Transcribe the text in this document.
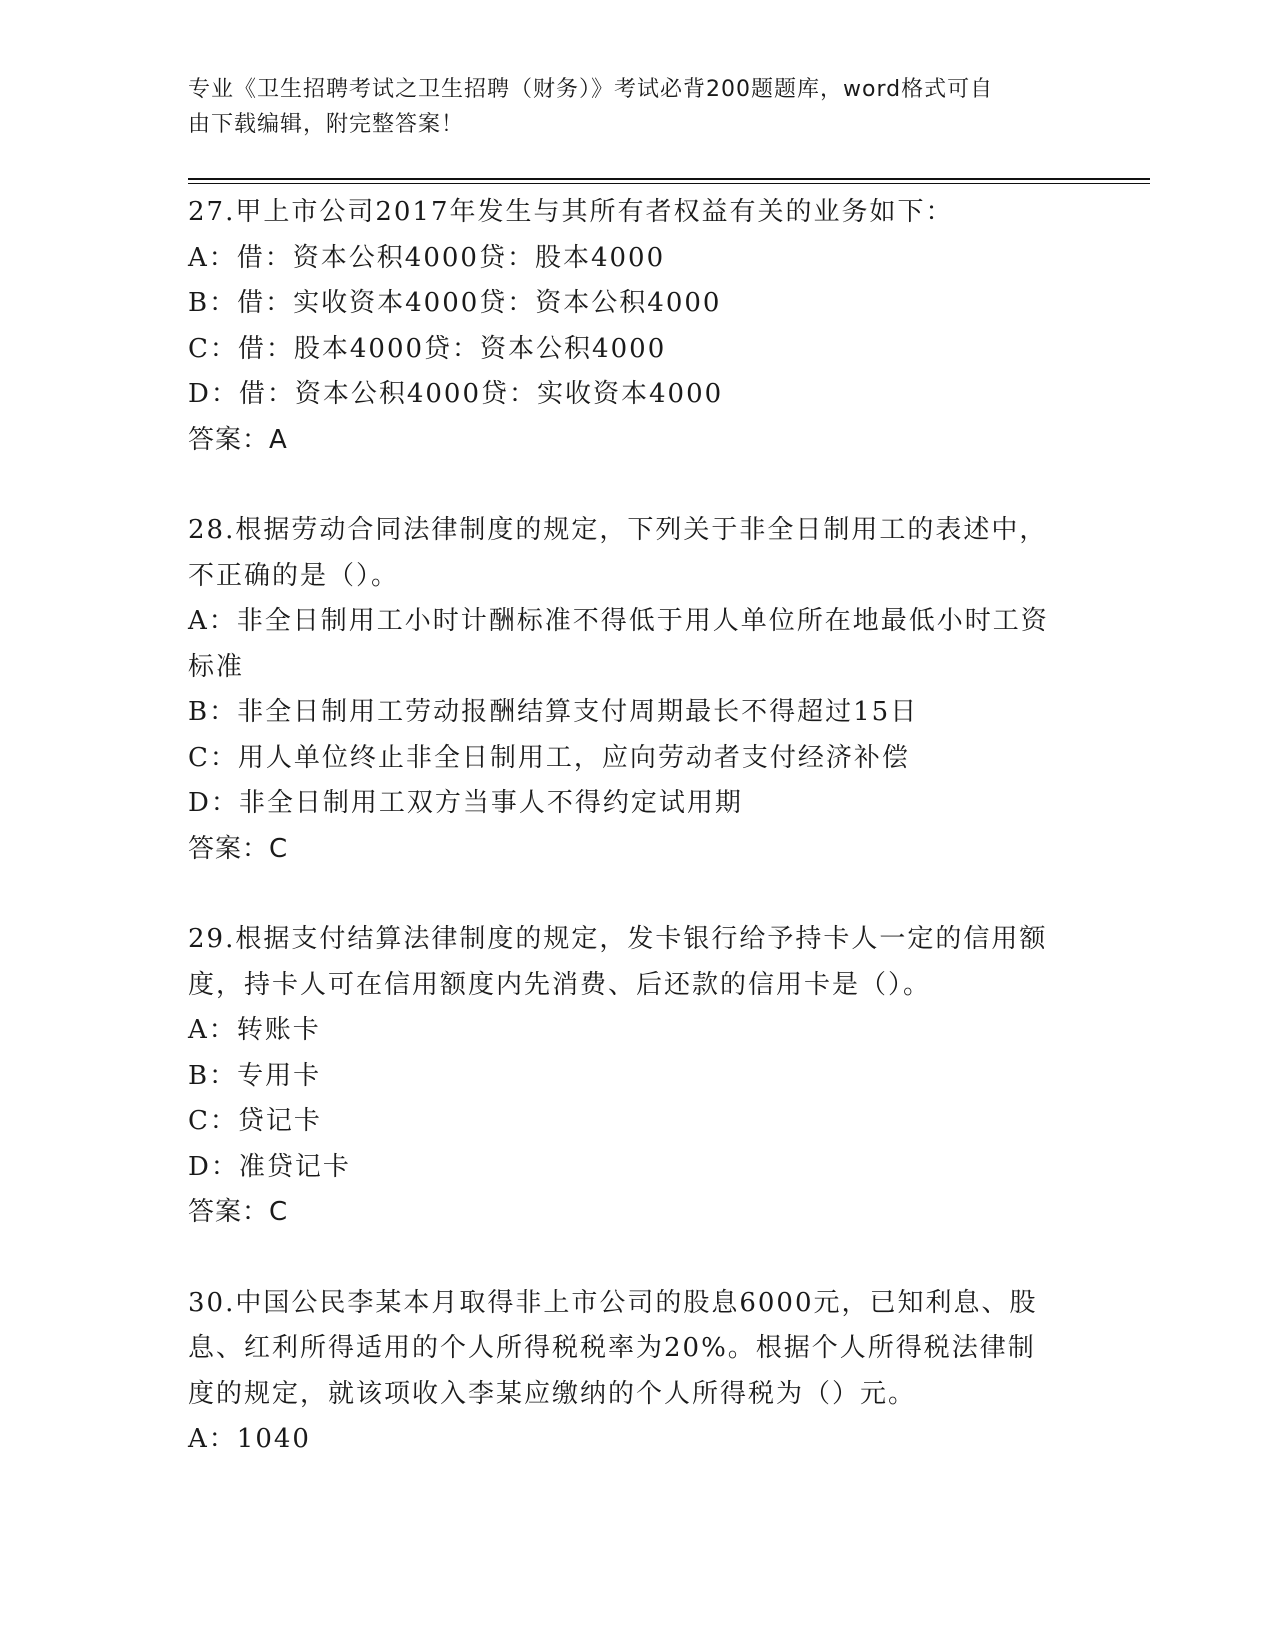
专业《卫生招聘考试之卫生招聘（财务）》考试必背200题题库，word格式可自
由下载编辑，附完整答案！
27.甲上市公司2017年发生与其所有者权益有关的业务如下：
A：借：资本公积4000贷：股本4000
B：借：实收资本4000贷：资本公积4000
C：借：股本4000贷：资本公积4000
D：借：资本公积4000贷：实收资本4000
答案：A
28.根据劳动合同法律制度的规定，下列关于非全日制用工的表述中，
不正确的是（）。
A：非全日制用工小时计酬标准不得低于用人单位所在地最低小时工资
标准
B：非全日制用工劳动报酬结算支付周期最长不得超过15日
C：用人单位终止非全日制用工，应向劳动者支付经济补偿
D：非全日制用工双方当事人不得约定试用期
答案：C
29.根据支付结算法律制度的规定，发卡银行给予持卡人一定的信用额
度，持卡人可在信用额度内先消费、后还款的信用卡是（）。
A：转账卡
B：专用卡
C：贷记卡
D：准贷记卡
答案：C
30.中国公民李某本月取得非上市公司的股息6000元，已知利息、股
息、红利所得适用的个人所得税税率为20%。根据个人所得税法律制
度的规定，就该项收入李某应缴纳的个人所得税为（）元。
A：1040
